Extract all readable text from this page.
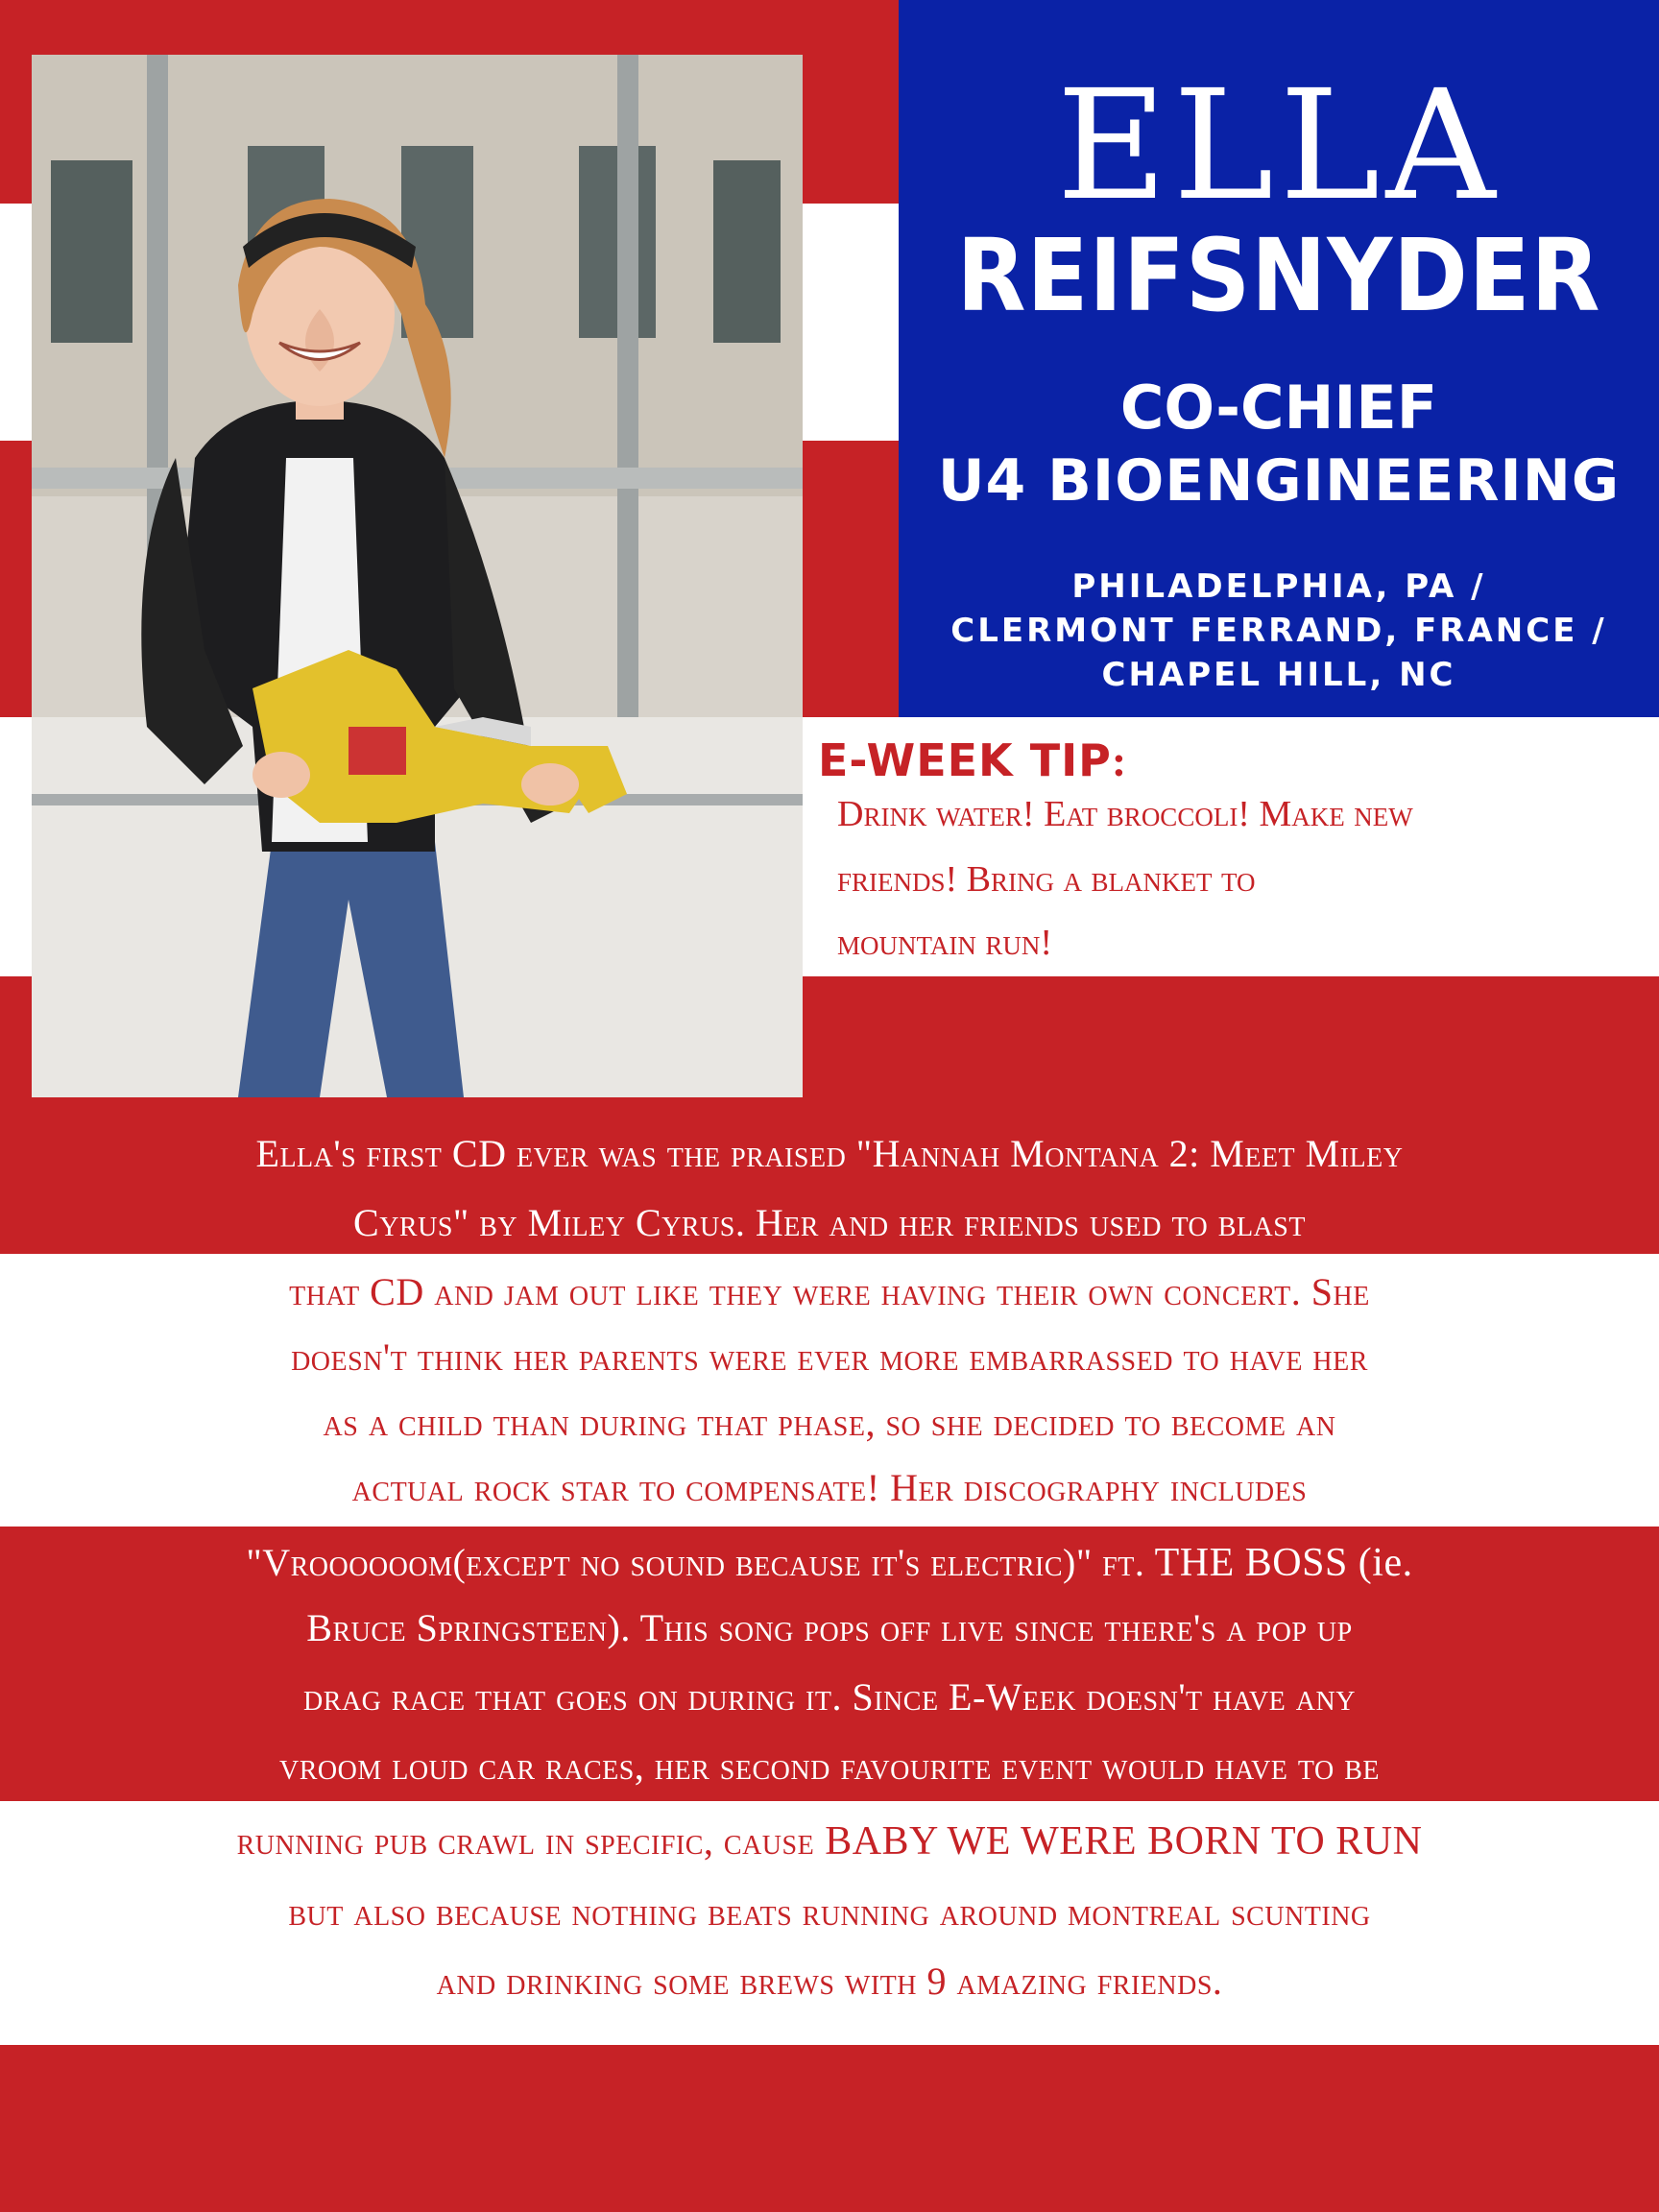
ELLA
REIFSNYDER
CO-CHIEF
U4 BIOENGINEERING
PHILADELPHIA, PA /
CLERMONT FERRAND, FRANCE /
CHAPEL HILL, NC
E-WEEK TIP:
Drink water! Eat broccoli! Make new
friends! Bring a blanket to
mountain run!
Ella's first CD ever was the praised "Hannah Montana 2: Meet Miley
Cyrus" by Miley Cyrus. Her and her friends used to blast
that CD and jam out like they were having their own concert. She
doesn't think her parents were ever more embarrassed to have her
as a child than during that phase, so she decided to become an
actual rock star to compensate! Her discography includes
"Vroooooom(except no sound because it's electric)" ft. THE BOSS (ie.
Bruce Springsteen). This song pops off live since there's a pop up
drag race that goes on during it. Since E-Week doesn't have any
vroom loud car races, her second favourite event would have to be
running pub crawl in specific, cause BABY WE WERE BORN TO RUN
but also because nothing beats running around montreal scunting
and drinking some brews with 9 amazing friends.
